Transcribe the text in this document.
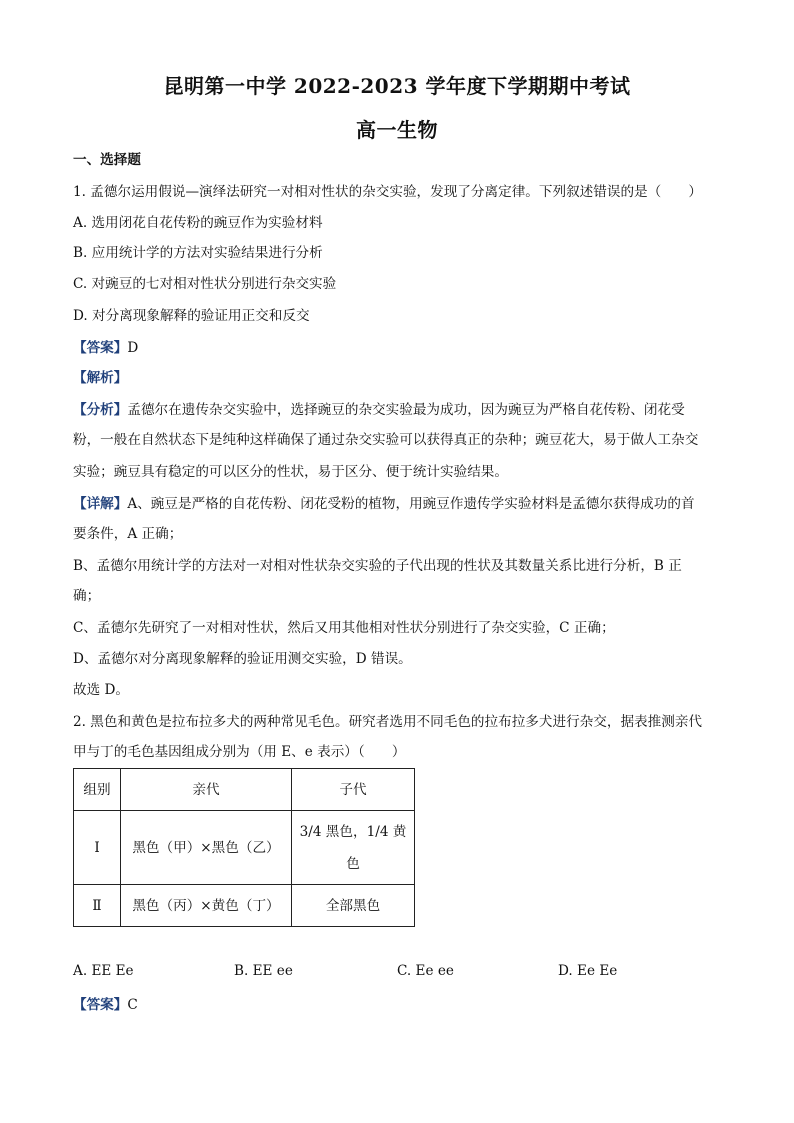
昆明第一中学 2022-2023 学年度下学期期中考试
高一生物
一、选择题
1. 孟德尔运用假说—演绎法研究一对相对性状的杂交实验，发现了分离定律。下列叙述错误的是（　　）
A. 选用闭花自花传粉的豌豆作为实验材料
B. 应用统计学的方法对实验结果进行分析
C. 对豌豆的七对相对性状分别进行杂交实验
D. 对分离现象解释的验证用正交和反交
【答案】D
【解析】
【分析】孟德尔在遗传杂交实验中，选择豌豆的杂交实验最为成功，因为豌豆为严格自花传粉、闭花受
粉，一般在自然状态下是纯种这样确保了通过杂交实验可以获得真正的杂种；豌豆花大，易于做人工杂交
实验；豌豆具有稳定的可以区分的性状，易于区分、便于统计实验结果。
【详解】A、豌豆是严格的自花传粉、闭花受粉的植物，用豌豆作遗传学实验材料是孟德尔获得成功的首
要条件，A 正确；
B、孟德尔用统计学的方法对一对相对性状杂交实验的子代出现的性状及其数量关系比进行分析，B 正
确；
C、孟德尔先研究了一对相对性状，然后又用其他相对性状分别进行了杂交实验，C 正确；
D、孟德尔对分离现象解释的验证用测交实验，D 错误。
故选 D。
2. 黑色和黄色是拉布拉多犬的两种常见毛色。研究者选用不同毛色的拉布拉多犬进行杂交，据表推测亲代
甲与丁的毛色基因组成分别为（用 E、e 表示）（　　）
组别	亲代	子代
Ⅰ	黑色（甲）×黑色（乙）	3/4 黑色，1/4 黄
色

Ⅱ	黑色（丙）×黄色（丁）	全部黑色
A. EE Ee	B. EE ee	C. Ee ee	D. Ee Ee
【答案】C
